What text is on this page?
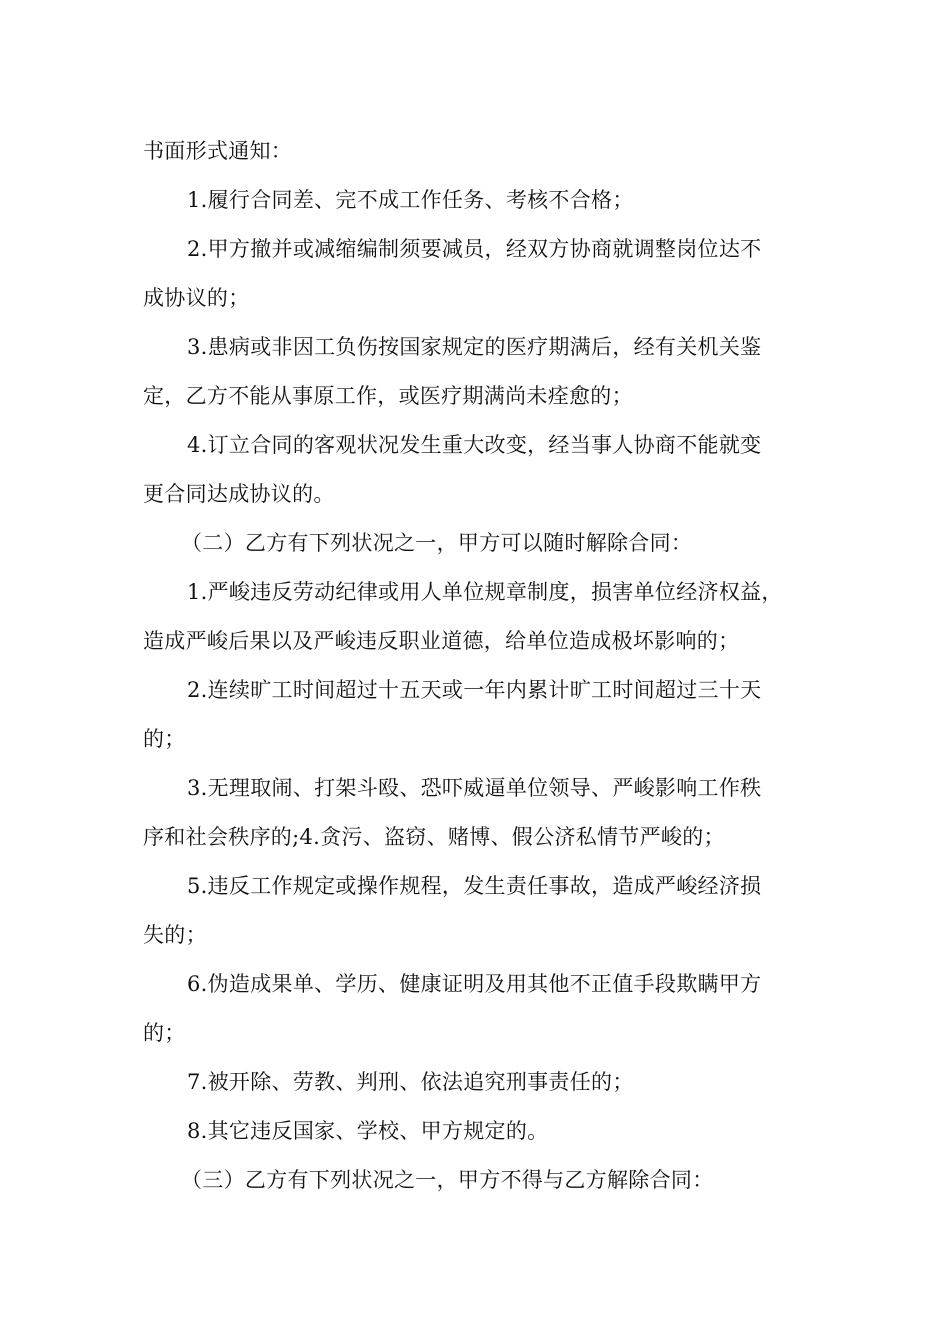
书面形式通知：

1.履行合同差、完不成工作任务、考核不合格；

2.甲方撤并或减缩编制须要减员，经双方协商就调整岗位达不

成协议的；

3.患病或非因工负伤按国家规定的医疗期满后，经有关机关鉴

定，乙方不能从事原工作，或医疗期满尚未痊愈的；

4.订立合同的客观状况发生重大改变，经当事人协商不能就变

更合同达成协议的。

（二）乙方有下列状况之一，甲方可以随时解除合同：

1.严峻违反劳动纪律或用人单位规章制度，损害单位经济权益，

造成严峻后果以及严峻违反职业道德，给单位造成极坏影响的；

2.连续旷工时间超过十五天或一年内累计旷工时间超过三十天

的；

3.无理取闹、打架斗殴、恐吓威逼单位领导、严峻影响工作秩

序和社会秩序的;4.贪污、盗窃、赌博、假公济私情节严峻的；

5.违反工作规定或操作规程，发生责任事故，造成严峻经济损

失的；

6.伪造成果单、学历、健康证明及用其他不正值手段欺瞒甲方

的；

7.被开除、劳教、判刑、依法追究刑事责任的；

8.其它违反国家、学校、甲方规定的。

（三）乙方有下列状况之一，甲方不得与乙方解除合同：
